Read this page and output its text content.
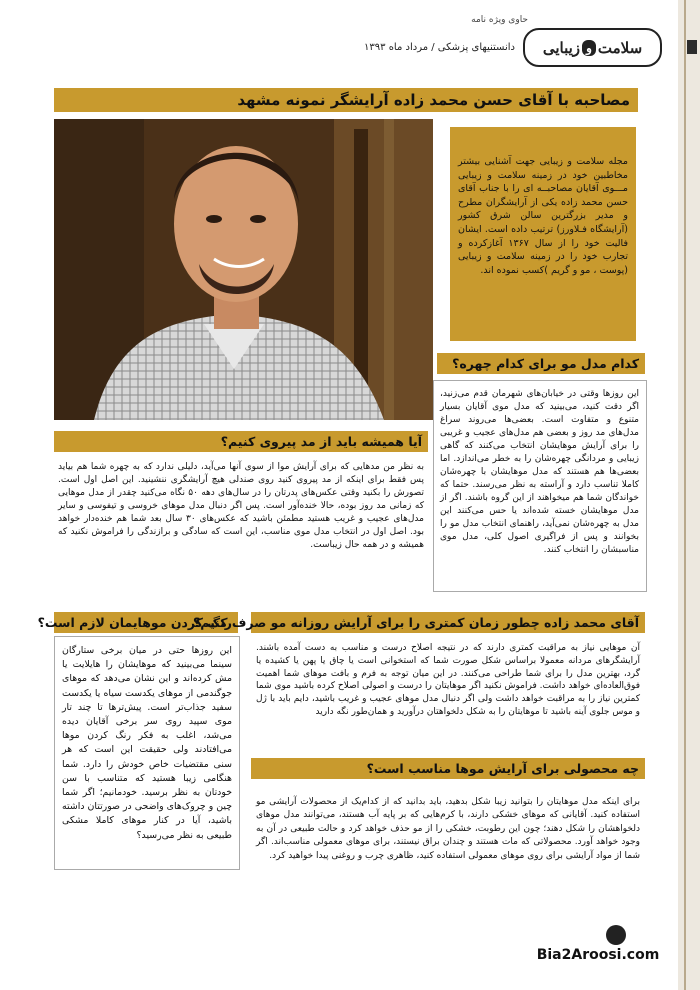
حاوی ویژه نامه
دانستنیهای پزشکی / مرداد ماه ۱۳۹۳	سلامت
و
زیبایی
مصاحبه با آقای حسن محمد زاده آرایشگر نمونه مشهد
مجله سلامت و زیبایی جهت آشنایی بیشتر مخاطبین خود در زمینه سلامت و زیبایی مـــوی آقایان مصاحبــه ای را با جناب آقای حسن محمد زاده یکی از آرایشگران مطرح و مدیر بزرگترین سالن شرق کشور (آرایشگاه فـلاورز) ترتیب داده است. ایشان فالیت خود را از سال ۱۳۶۷ آغازکرده و تجارب خود را در زمینه سلامت و زیبایی (پوست ، مو و گریم )کسب نموده اند.
کدام مدل مو برای کدام چهره؟
این روزها وقتی در خیابان‌های شهرمان قدم می‌زنید، اگر دقت کنید، می‌بینید که مدل موی آقایان بسیار متنوع و متفاوت است. بعضی‌ها می‌روند سراغ مدل‌های مد روز و بعضی هم مدل‌های عجیب و غریبی را برای آرایش موهایشان انتخاب می‌کنند که گاهی زیبایی و مردانگی چهره‌شان را به خطر می‌اندازد. اما بعضی‌ها هم هستند که مدل موهایشان با چهره‌شان کاملا تناسب دارد و آراسته به نظر می‌رسند. حتما که خواندگان شما هم میخواهند از این گروه باشند. اگر از مدل موهایشان خسته شده‌اند یا حس می‌کنند این مدل به چهره‌شان نمی‌آید، راهنمای انتخاب مدل مو را بخوانند و پس از فراگیری اصول کلی، مدل موی مناسبشان را انتخاب کنند.
آیا همیشه باید از مد پیروی کنیم؟
به نظر من مدهایی که برای آرایش موا از سوی آنها می‌آید، دلیلی ندارد که به چهره شما هم بیاید پس فقط برای اینکه از مد پیروی کنید روی صندلی هیچ آرایشگری ننشینید. این اصل اول است. تصورش را بکنید وقتی عکس‌های پدرتان را در سال‌های دهه ۵۰ نگاه می‌کنید چقدر از مدل موهایی که زمانی مد روز بوده، حالا خنده‌آور است. پس اگر دنبال مدل موهای خروسی و تیفوسی و سایر مدل‌های عجیب و غریب هستید مطمئن باشید که عکس‌های ۳۰ سال بعد شما هم خنده‌دار خواهد بود. اصل اول در انتخاب مدل موی مناسب، این است که سادگی و برازندگی را فراموش نکنید که همیشه و در همه حال زیباست.
رنگ کردن موهایمان لازم است؟
این روزها حتی در میان برخی ستارگان سینما می‌بینید که موهایشان را هایلایت یا مش کرده‌اند و این نشان می‌دهد که موهای جوگندمی از موهای یکدست سیاه یا یکدست سفید جذاب‌تر است. پیش‌ترها تا چند تار موی سپید روی سر برخی آقایان دیده می‌شد، اغلب به فکر رنگ کردن موها می‌افتادند ولی حقیقت این است که هر سنی مقتضیات خاص خودش را دارد. شما هنگامی زیبا هستید که متناسب با سن خودتان به نظر برسید. خودمانیم؛ اگر شما چین و چروک‌های واضحی در صورتتان داشته باشید، آیا در کنار موهای کاملا مشکی طبیعی به نظر می‌رسید؟
آقای محمد زاده چطور زمان کمتری را برای آرایش روزانه مو صرف کنیم؟
آن موهایی نیاز به مراقبت کمتری دارند که در نتیجه اصلاح درست و مناسب به دست آمده باشند. آرایشگرهای مردانه معمولا براساس شکل صورت شما که استخوانی است یا چاق یا پهن یا کشیده یا گرد، بهترین مدل را برای شما طراحی می‌کنند. در این میان توجه به فرم و بافت موهای شما اهمیت فوق‌العاده‌ای خواهد داشت. فراموش نکنید اگر موهایتان را درست و اصولی اصلاح کرده باشید موی شما کمترین نیاز را به مراقبت خواهد داشت ولی اگر دنبال مدل موهای عجیب و غریب باشید، دایم باید با ژل و موس جلوی آینه باشید تا موهایتان را به شکل دلخواهتان درآورید و همان‌طور نگه دارید
چه محصولی برای آرایش موها مناسب است؟
برای اینکه مدل موهایتان را بتوانید زیبا شکل بدهید، باید بدانید که از کدام‌یک از محصولات آرایشی مو استفاده کنید. آقایانی که موهای خشکی دارند، با کرم‌هایی که بر پایه آب هستند، می‌توانند مدل موهای دلخواهشان را شکل دهند؛ چون این رطوبت، خشکی را از مو حذف خواهد کرد و حالت طبیعی در آن به وجود خواهد آورد. محصولاتی که مات هستند و چندان براق نیستند، برای موهای معمولی مناسب‌اند. اگر شما از مواد آرایشی برای روی موهای معمولی استفاده کنید، ظاهری چرب و روغنی پیدا خواهید کرد.
Bia2Aroosi.com
